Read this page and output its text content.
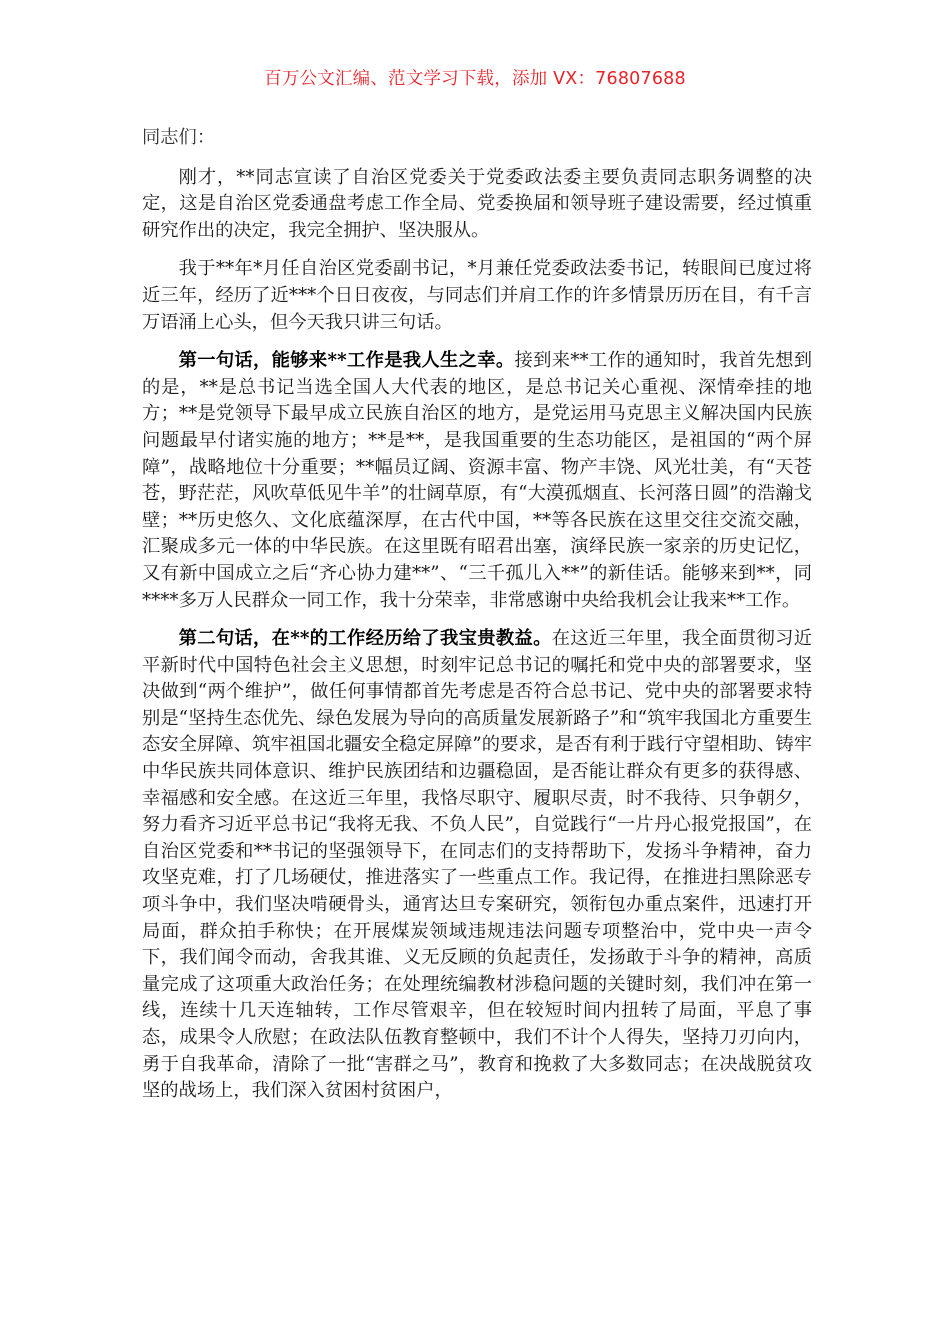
百万公文汇编、范文学习下载，添加 VX：76807688

同志们：

刚才，**同志宣读了自治区党委关于党委政法委主要负责同志职务调整的决定，这是自治区党委通盘考虑工作全局、党委换届和领导班子建设需要，经过慎重研究作出的决定，我完全拥护、坚决服从。

我于**年*月任自治区党委副书记，*月兼任党委政法委书记，转眼间已度过将近三年，经历了近***个日日夜夜，与同志们并肩工作的许多情景历历在目，有千言万语涌上心头，但今天我只讲三句话。

第一句话，能够来**工作是我人生之幸。接到来**工作的通知时，我首先想到的是，**是总书记当选全国人大代表的地区，是总书记关心重视、深情牵挂的地方；**是党领导下最早成立民族自治区的地方，是党运用马克思主义解决国内民族问题最早付诸实施的地方；**是**，是我国重要的生态功能区，是祖国的“两个屏障”，战略地位十分重要；**幅员辽阔、资源丰富、物产丰饶、风光壮美，有“天苍苍，野茫茫，风吹草低见牛羊”的壮阔草原，有“大漠孤烟直、长河落日圆”的浩瀚戈壁；**历史悠久、文化底蕴深厚，在古代中国，**等各民族在这里交往交流交融，汇聚成多元一体的中华民族。在这里既有昭君出塞，演绎民族一家亲的历史记忆，又有新中国成立之后“齐心协力建**”、“三千孤儿入**”的新佳话。能够来到**，同****多万人民群众一同工作，我十分荣幸，非常感谢中央给我机会让我来**工作。

第二句话，在**的工作经历给了我宝贵教益。在这近三年里，我全面贯彻习近平新时代中国特色社会主义思想，时刻牢记总书记的嘱托和党中央的部署要求，坚决做到“两个维护”，做任何事情都首先考虑是否符合总书记、党中央的部署要求特别是“坚持生态优先、绿色发展为导向的高质量发展新路子”和“筑牢我国北方重要生态安全屏障、筑牢祖国北疆安全稳定屏障”的要求，是否有利于践行守望相助、铸牢中华民族共同体意识、维护民族团结和边疆稳固，是否能让群众有更多的获得感、幸福感和安全感。在这近三年里，我恪尽职守、履职尽责，时不我待、只争朝夕，努力看齐习近平总书记“我将无我、不负人民”，自觉践行“一片丹心报党报国”，在自治区党委和**书记的坚强领导下，在同志们的支持帮助下，发扬斗争精神，奋力攻坚克难，打了几场硬仗，推进落实了一些重点工作。我记得，在推进扫黑除恶专项斗争中，我们坚决啃硬骨头，通宵达旦专案研究，领衔包办重点案件，迅速打开局面，群众拍手称快；在开展煤炭领域违规违法问题专项整治中，党中央一声令下，我们闻令而动，舍我其谁、义无反顾的负起责任，发扬敢于斗争的精神，高质量完成了这项重大政治任务；在处理统编教材涉稳问题的关键时刻，我们冲在第一线，连续十几天连轴转，工作尽管艰辛，但在较短时间内扭转了局面，平息了事态，成果令人欣慰；在政法队伍教育整顿中，我们不计个人得失，坚持刀刃向内，勇于自我革命，清除了一批“害群之马”，教育和挽救了大多数同志；在决战脱贫攻坚的战场上，我们深入贫困村贫困户，
